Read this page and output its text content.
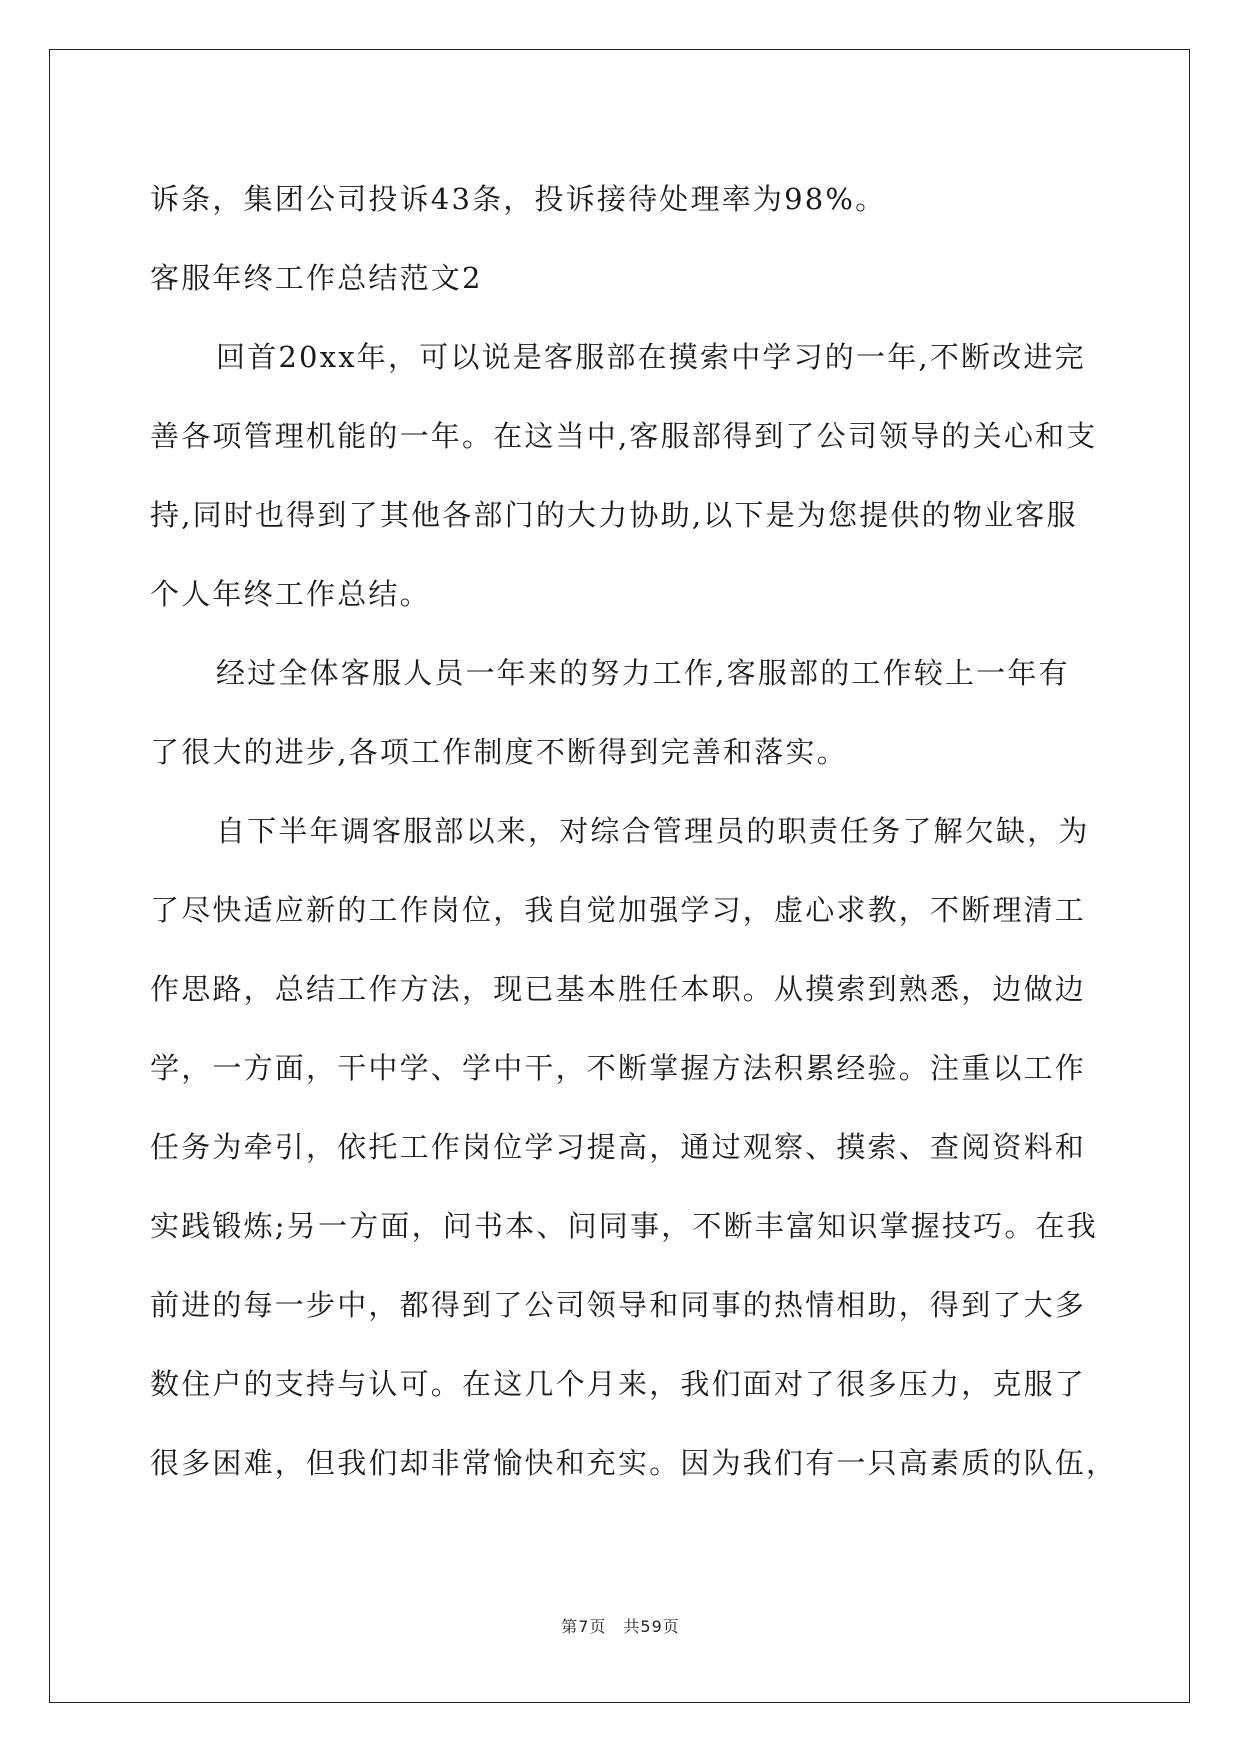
诉条，集团公司投诉43条，投诉接待处理率为98%。

客服年终工作总结范文2

回首20xx年，可以说是客服部在摸索中学习的一年,不断改进完

善各项管理机能的一年。在这当中,客服部得到了公司领导的关心和支

持,同时也得到了其他各部门的大力协助,以下是为您提供的物业客服

个人年终工作总结。

经过全体客服人员一年来的努力工作,客服部的工作较上一年有

了很大的进步,各项工作制度不断得到完善和落实。

自下半年调客服部以来，对综合管理员的职责任务了解欠缺，为

了尽快适应新的工作岗位，我自觉加强学习，虚心求教，不断理清工

作思路，总结工作方法，现已基本胜任本职。从摸索到熟悉，边做边

学，一方面，干中学、学中干，不断掌握方法积累经验。注重以工作

任务为牵引，依托工作岗位学习提高，通过观察、摸索、查阅资料和

实践锻炼;另一方面，问书本、问同事，不断丰富知识掌握技巧。在我

前进的每一步中，都得到了公司领导和同事的热情相助，得到了大多

数住户的支持与认可。在这几个月来，我们面对了很多压力，克服了

很多困难，但我们却非常愉快和充实。因为我们有一只高素质的队伍，

第7页　共59页
